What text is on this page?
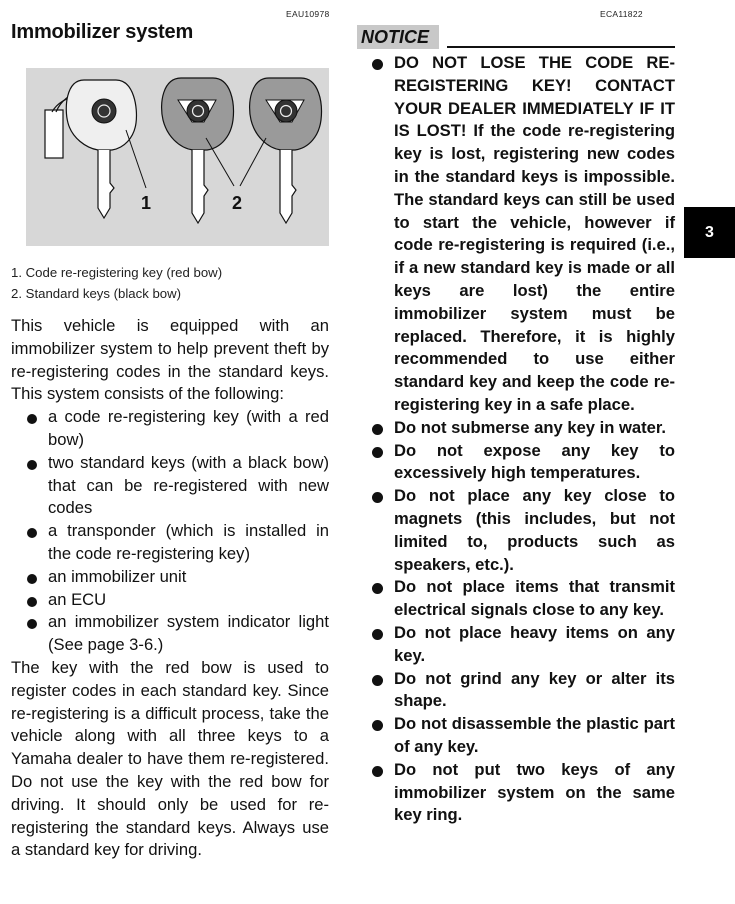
EAU10978	ECA11822
Immobilizer system
1	2
1. Code re-registering key (red bow)
2. Standard keys (black bow)

This vehicle is equipped with an immobilizer system to help prevent theft by re-registering codes in the standard keys. This system consists of the following:

a code re-registering key (with a red bow)
two standard keys (with a black bow) that can be re-registered with new codes
a transponder (which is installed in the code re-registering key)
an immobilizer unit
an ECU
an immobilizer system indicator light (See page 3-6.)

The key with the red bow is used to register codes in each standard key. Since re-registering is a difficult process, take the vehicle along with all three keys to a Yamaha dealer to have them re-registered. Do not use the key with the red bow for driving. It should only be used for re-registering the standard keys. Always use a standard key for driving.

NOTICE
DO NOT LOSE THE CODE RE-REGISTERING KEY! CONTACT YOUR DEALER IMMEDIATELY IF IT IS LOST! If the code re-registering key is lost, registering new codes in the standard keys is impossible. The standard keys can still be used to start the vehicle, however if code re-registering is required (i.e., if a new standard key is made or all keys are lost) the entire immobilizer system must be replaced. Therefore, it is highly recommended to use either standard key and keep the code re-registering key in a safe place.
Do not submerse any key in water.
Do not expose any key to excessively high temperatures.
Do not place any key close to magnets (this includes, but not limited to, products such as speakers, etc.).
Do not place items that transmit electrical signals close to any key.
Do not place heavy items on any key.
Do not grind any key or alter its shape.
Do not disassemble the plastic part of any key.
Do not put two keys of any immobilizer system on the same key ring.
3
